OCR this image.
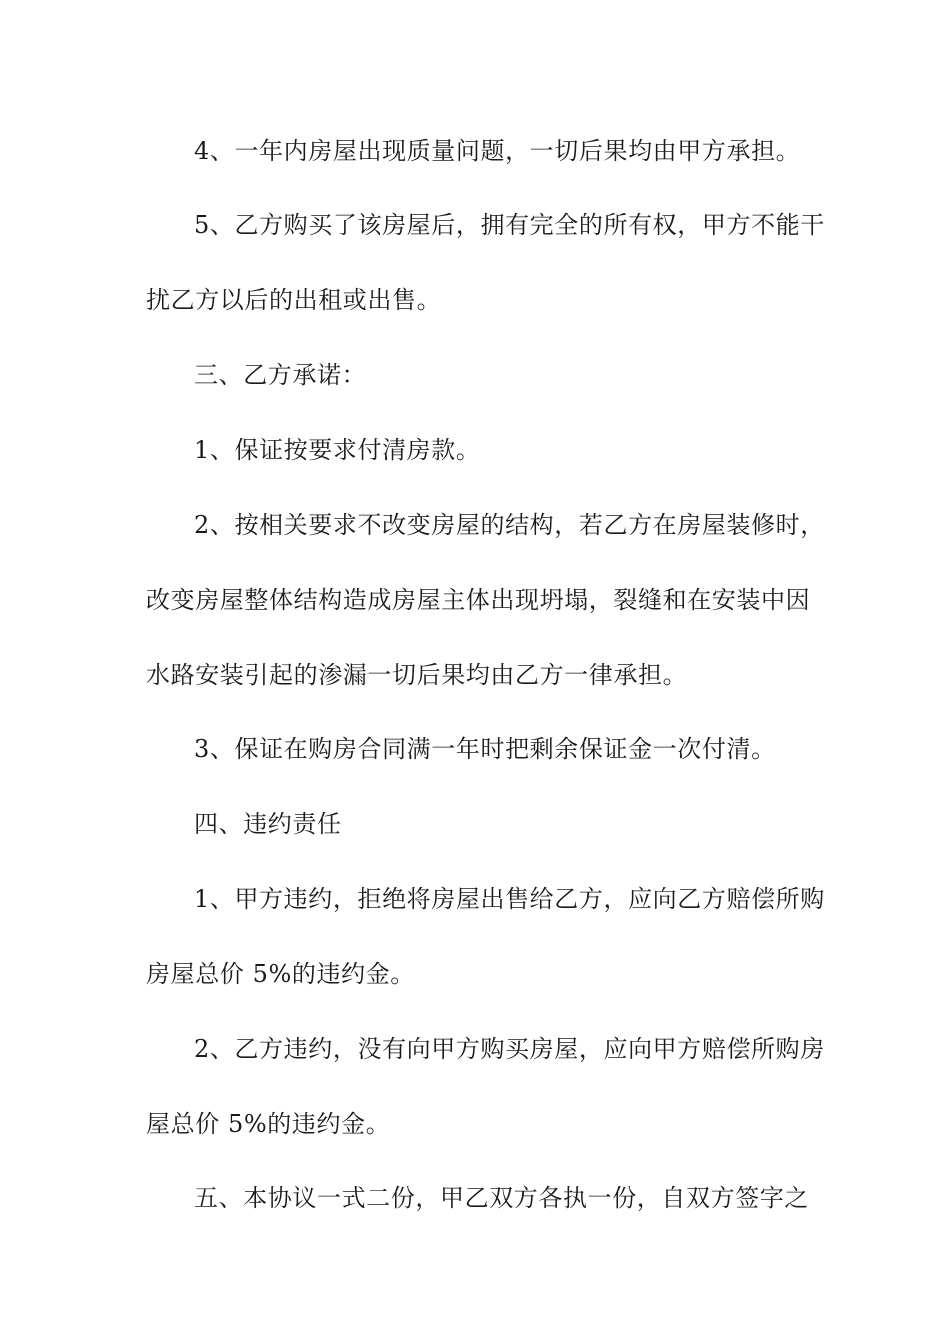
4、一年内房屋出现质量问题，一切后果均由甲方承担。
5、乙方购买了该房屋后，拥有完全的所有权，甲方不能干
扰乙方以后的出租或出售。
三、乙方承诺：
1、保证按要求付清房款。
2、按相关要求不改变房屋的结构，若乙方在房屋装修时，
改变房屋整体结构造成房屋主体出现坍塌，裂缝和在安装中因
水路安装引起的渗漏一切后果均由乙方一律承担。
3、保证在购房合同满一年时把剩余保证金一次付清。
四、违约责任
1、甲方违约，拒绝将房屋出售给乙方，应向乙方赔偿所购
房屋总价 5%的违约金。
2、乙方违约，没有向甲方购买房屋，应向甲方赔偿所购房
屋总价 5%的违约金。
五、本协议一式二份，甲乙双方各执一份，自双方签字之
